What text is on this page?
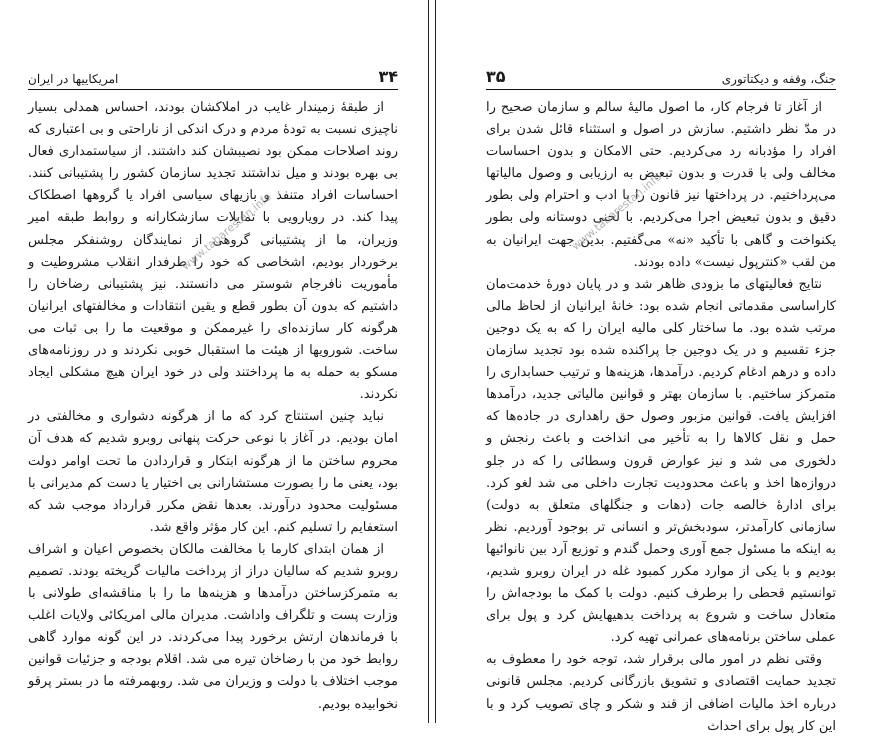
۳۴
امریکاییها در ایران

از طبقهٔ زمیندار غایب در املاکشان بودند، احساس همدلی بسیار ناچیزی نسبت به تودهٔ مردم و درک اندکی از ناراحتی و بی اعتباری که روند اصلاحات ممکن بود نصیبشان کند داشتند. از سیاستمداری فعال بی بهره بودند و میل نداشتند تجدید سازمان کشور را پشتیبانی کنند. احساسات افراد متنفذ و بازیهای سیاسی افراد یا گروهها اصطکاک پیدا کند. در رویارویی با تمایلات سازشکارانه و روابط طبقه امیر وزیران، ما از پشتیبانی گروهی از نمایندگان روشنفکر مجلس برخوردار بودیم، اشخاصی که خود را طرفدار انقلاب مشروطیت و مأموریت نافرجام شوستر می دانستند. نیز پشتیبانی رضاخان را داشتیم که بدون آن بطور قطع و یقین انتقادات و مخالفتهای ایرانیان هرگونه کار سازنده‌ای را غیرممکن و موقعیت ما را بی ثبات می ساخت. شورویها از هیئت ما استقبال خوبی نکردند و در روزنامه‌های مسکو به حمله به ما پرداختند ولی در خود ایران هیچ مشکلی ایجاد نکردند.

نباید چنین استنتاج کرد که ما از هرگونه دشواری و مخالفتی در امان بودیم. در آغاز با نوعی حرکت پنهانی روبرو شدیم که هدف آن محروم ساختن ما از هرگونه ابتکار و قراردادن ما تحت اوامر دولت بود، یعنی ما را بصورت مستشارانی بی اختیار یا دست کم مدیرانی با مسئولیت محدود درآورند. بعدها نقض مکرر قرارداد موجب شد که استعفایم را تسلیم کنم. این کار مؤثر واقع شد.

از همان ابتدای کارما با مخالفت مالکان بخصوص اعیان و اشراف روبرو شدیم که سالیان دراز از پرداخت مالیات گریخته بودند. تصمیم به متمرکزساختن درآمدها و هزینه‌ها ما را با مناقشه‌ای طولانی با وزارت پست و تلگراف واداشت. مدیران مالی امریکائی ولایات اغلب با فرماندهان ارتش برخورد پیدا می‌کردند. در این گونه موارد گاهی روابط خود من با رضاخان تیره می شد. اقلام بودجه و جزئیات قوانین موجب اختلاف با دولت و وزیران می شد. روبهمرفته ما در بستر پرقو نخوابیده بودیم.

جنگ، وقفه و دیکتاتوری
۳۵

از آغاز تا فرجام کار، ما اصول مالیهٔ سالم و سازمان صحیح را در مدّ نظر داشتیم. سازش در اصول و استثناء قائل شدن برای افراد را مؤدبانه رد می‌کردیم. حتی الامکان و بدون احساسات مخالف ولی با قدرت و بدون تبعیض به ارزیابی و وصول مالیاتها می‌پرداختیم. در پرداختها نیز قانون را با ادب و احترام ولی بطور دقیق و بدون تبعیض اجرا می‌کردیم. با لحنی دوستانه ولی بطور یکنواخت و گاهی با تأکید «نه» می‌گفتیم. بدین جهت ایرانیان به من لقب «کنترپول نیست» داده بودند.

نتایج فعالیتهای ما بزودی ظاهر شد و در پایان دورهٔ خدمت‌مان کاراساسی مقدماتی انجام شده بود: خانهٔ ایرانیان از لحاظ مالی مرتب شده بود. ما ساختار کلی مالیه ایران را که به یک دوجین جزء تقسیم و در یک دوجین جا پراکنده شده بود تجدید سازمان داده و درهم ادغام کردیم. درآمدها، هزینه‌ها و ترتیب حسابداری را متمرکز ساختیم. با سازمان بهتر و قوانین مالیاتی جدید، درآمدها افزایش یافت. قوانین مزبور وصول حق راهداری در جاده‌ها که حمل و نقل کالاها را به تأخیر می انداخت و باعث رنجش و دلخوری می شد و نیز عوارض قرون وسطائی را که در جلو دروازه‌ها اخذ و باعث محدودیت تجارت داخلی می شد لغو کرد. برای ادارهٔ خالصه جات (دهات و جنگلهای متعلق به دولت) سازمانی کارآمدتر، سودبخش‌تر و انسانی تر بوجود آوردیم. نظر به اینکه ما مسئول جمع آوری وحمل گندم و توزیع آرد بین نانوائیها بودیم و با یکی از موارد مکرر کمبود غله در ایران روبرو شدیم، توانستیم قحطی را برطرف کنیم. دولت با کمک ما بودجه‌اش را متعادل ساخت و شروع به پرداخت بدهیهایش کرد و پول برای عملی ساختن برنامه‌های عمرانی تهیه کرد.

وقتی نظم در امور مالی برقرار شد، توجه خود را معطوف به تجدید حمایت اقتصادی و تشویق بازرگانی کردیم. مجلس قانونی درباره اخذ مالیات اضافی از قند و شکر و چای تصویب کرد و با این کار پول برای احداث

www.tabarestan.info	www.tabarestan.info
